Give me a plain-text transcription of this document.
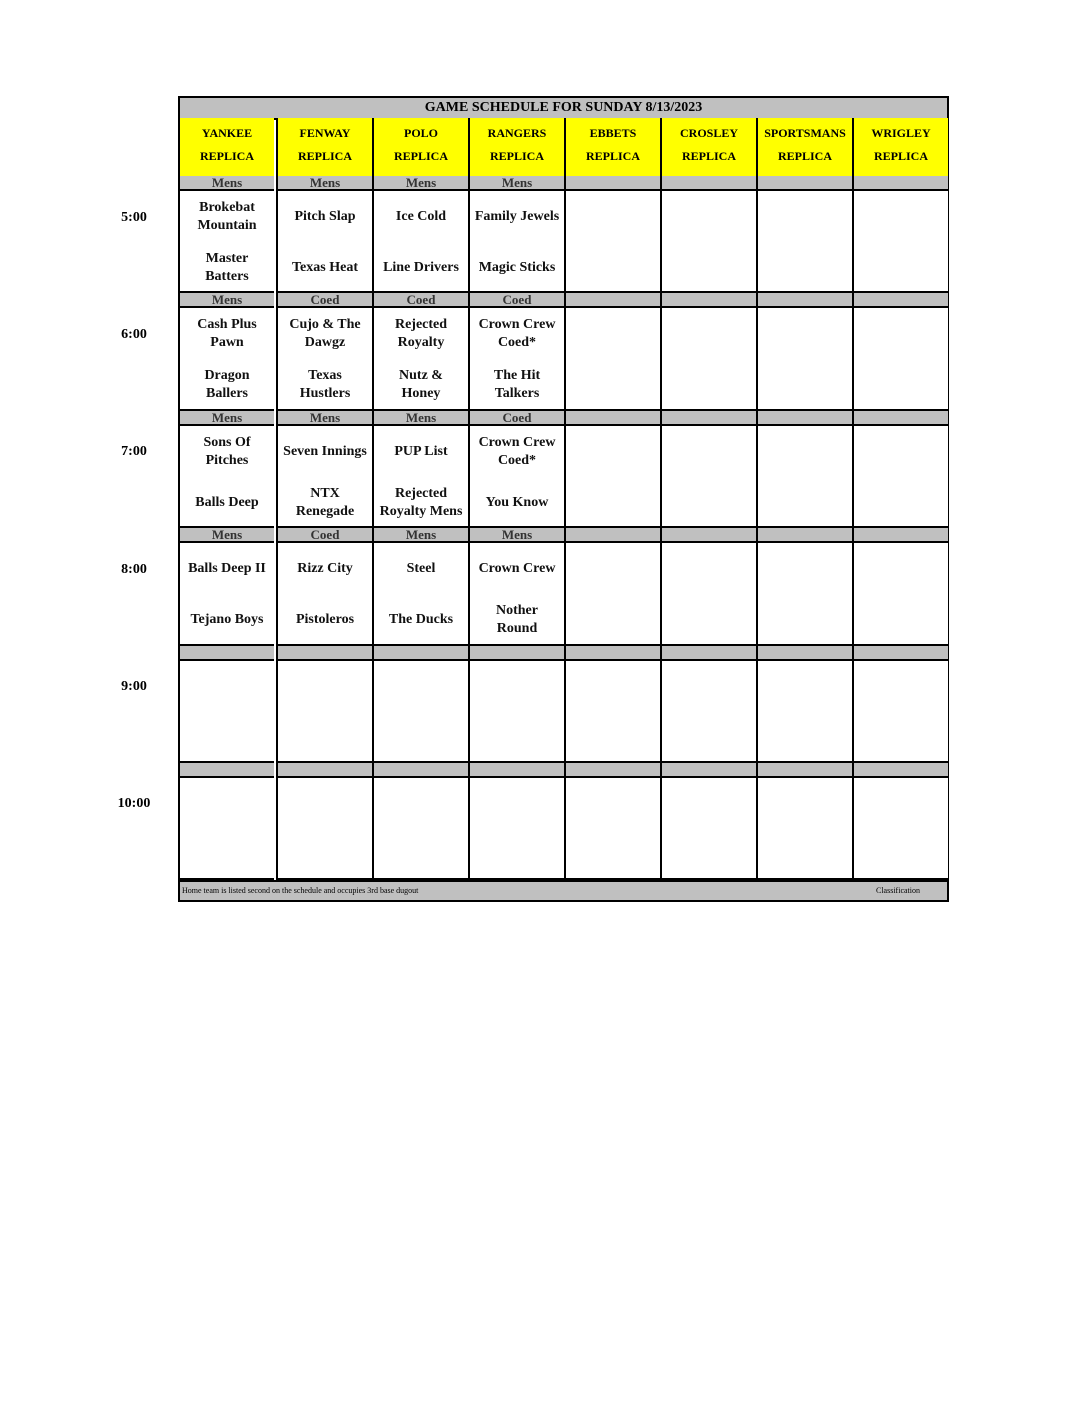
GAME SCHEDULE FOR SUNDAY 8/13/2023
YANKEE
REPLICA
Mens
Brokebat
Mountain
Master
Batters
Mens
Cash Plus
Pawn
Dragon
Ballers
Mens
Sons Of
Pitches
Balls Deep
Mens
Balls Deep II
Tejano Boys
FENWAY
REPLICA
Mens
Pitch Slap
Texas Heat
Coed
Cujo & The
Dawgz
Texas
Hustlers
Mens
Seven Innings
NTX
Renegade
Coed
Rizz City
Pistoleros
POLO
REPLICA
Mens
Ice Cold
Line Drivers
Coed
Rejected
Royalty
Nutz &
Honey
Mens
PUP List
Rejected
Royalty Mens
Mens
Steel
The Ducks
RANGERS
REPLICA
Mens
Family Jewels
Magic Sticks
Coed
Crown Crew
Coed*
The Hit
Talkers
Coed
Crown Crew
Coed*
You Know
Mens
Crown Crew
Nother
Round
EBBETS
REPLICA
CROSLEY
REPLICA
SPORTSMANS
REPLICA
WRIGLEY
REPLICA
Home team is listed second on the schedule and occupies 3rd base dugout	Classification
5:00
6:00
7:00
8:00
9:00
10:00
